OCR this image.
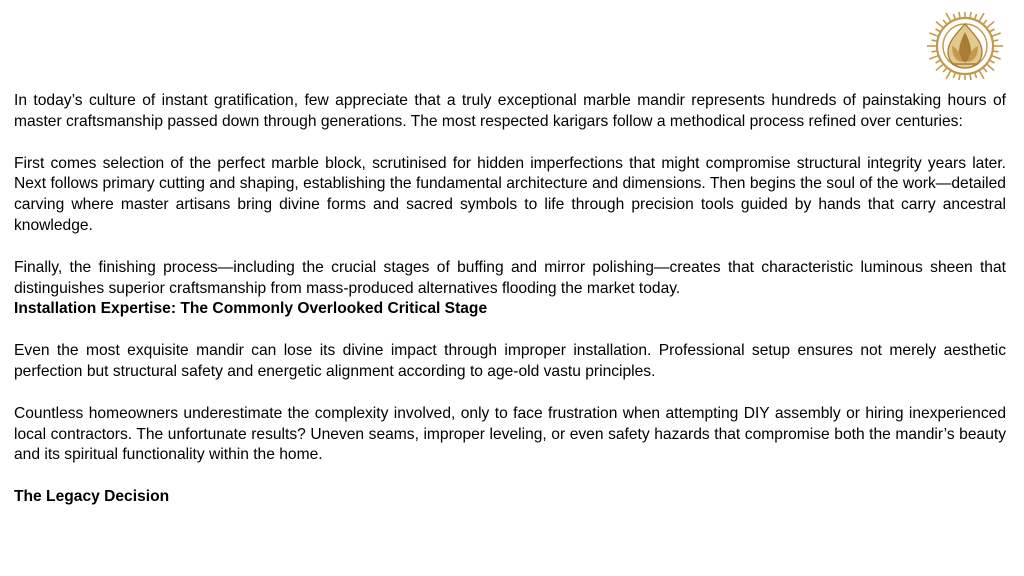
In today’s culture of instant gratification, few appreciate that a truly exceptional marble mandir represents hundreds of painstaking hours of master craftsmanship passed down through generations. The most respected karigars follow a methodical process refined over centuries:

First comes selection of the perfect marble block, scrutinised for hidden imperfections that might compromise structural integrity years later. Next follows primary cutting and shaping, establishing the fundamental architecture and dimensions. Then begins the soul of the work—detailed carving where master artisans bring divine forms and sacred symbols to life through precision tools guided by hands that carry ancestral knowledge.

Finally, the finishing process—including the crucial stages of buffing and mirror polishing—creates that characteristic luminous sheen that distinguishes superior craftsmanship from mass-produced alternatives flooding the market today.

Installation Expertise: The Commonly Overlooked Critical Stage

Even the most exquisite mandir can lose its divine impact through improper installation. Professional setup ensures not merely aesthetic perfection but structural safety and energetic alignment according to age-old vastu principles.

Countless homeowners underestimate the complexity involved, only to face frustration when attempting DIY assembly or hiring inexperienced local contractors. The unfortunate results? Uneven seams, improper leveling, or even safety hazards that compromise both the mandir’s beauty and its spiritual functionality within the home.

The Legacy Decision
